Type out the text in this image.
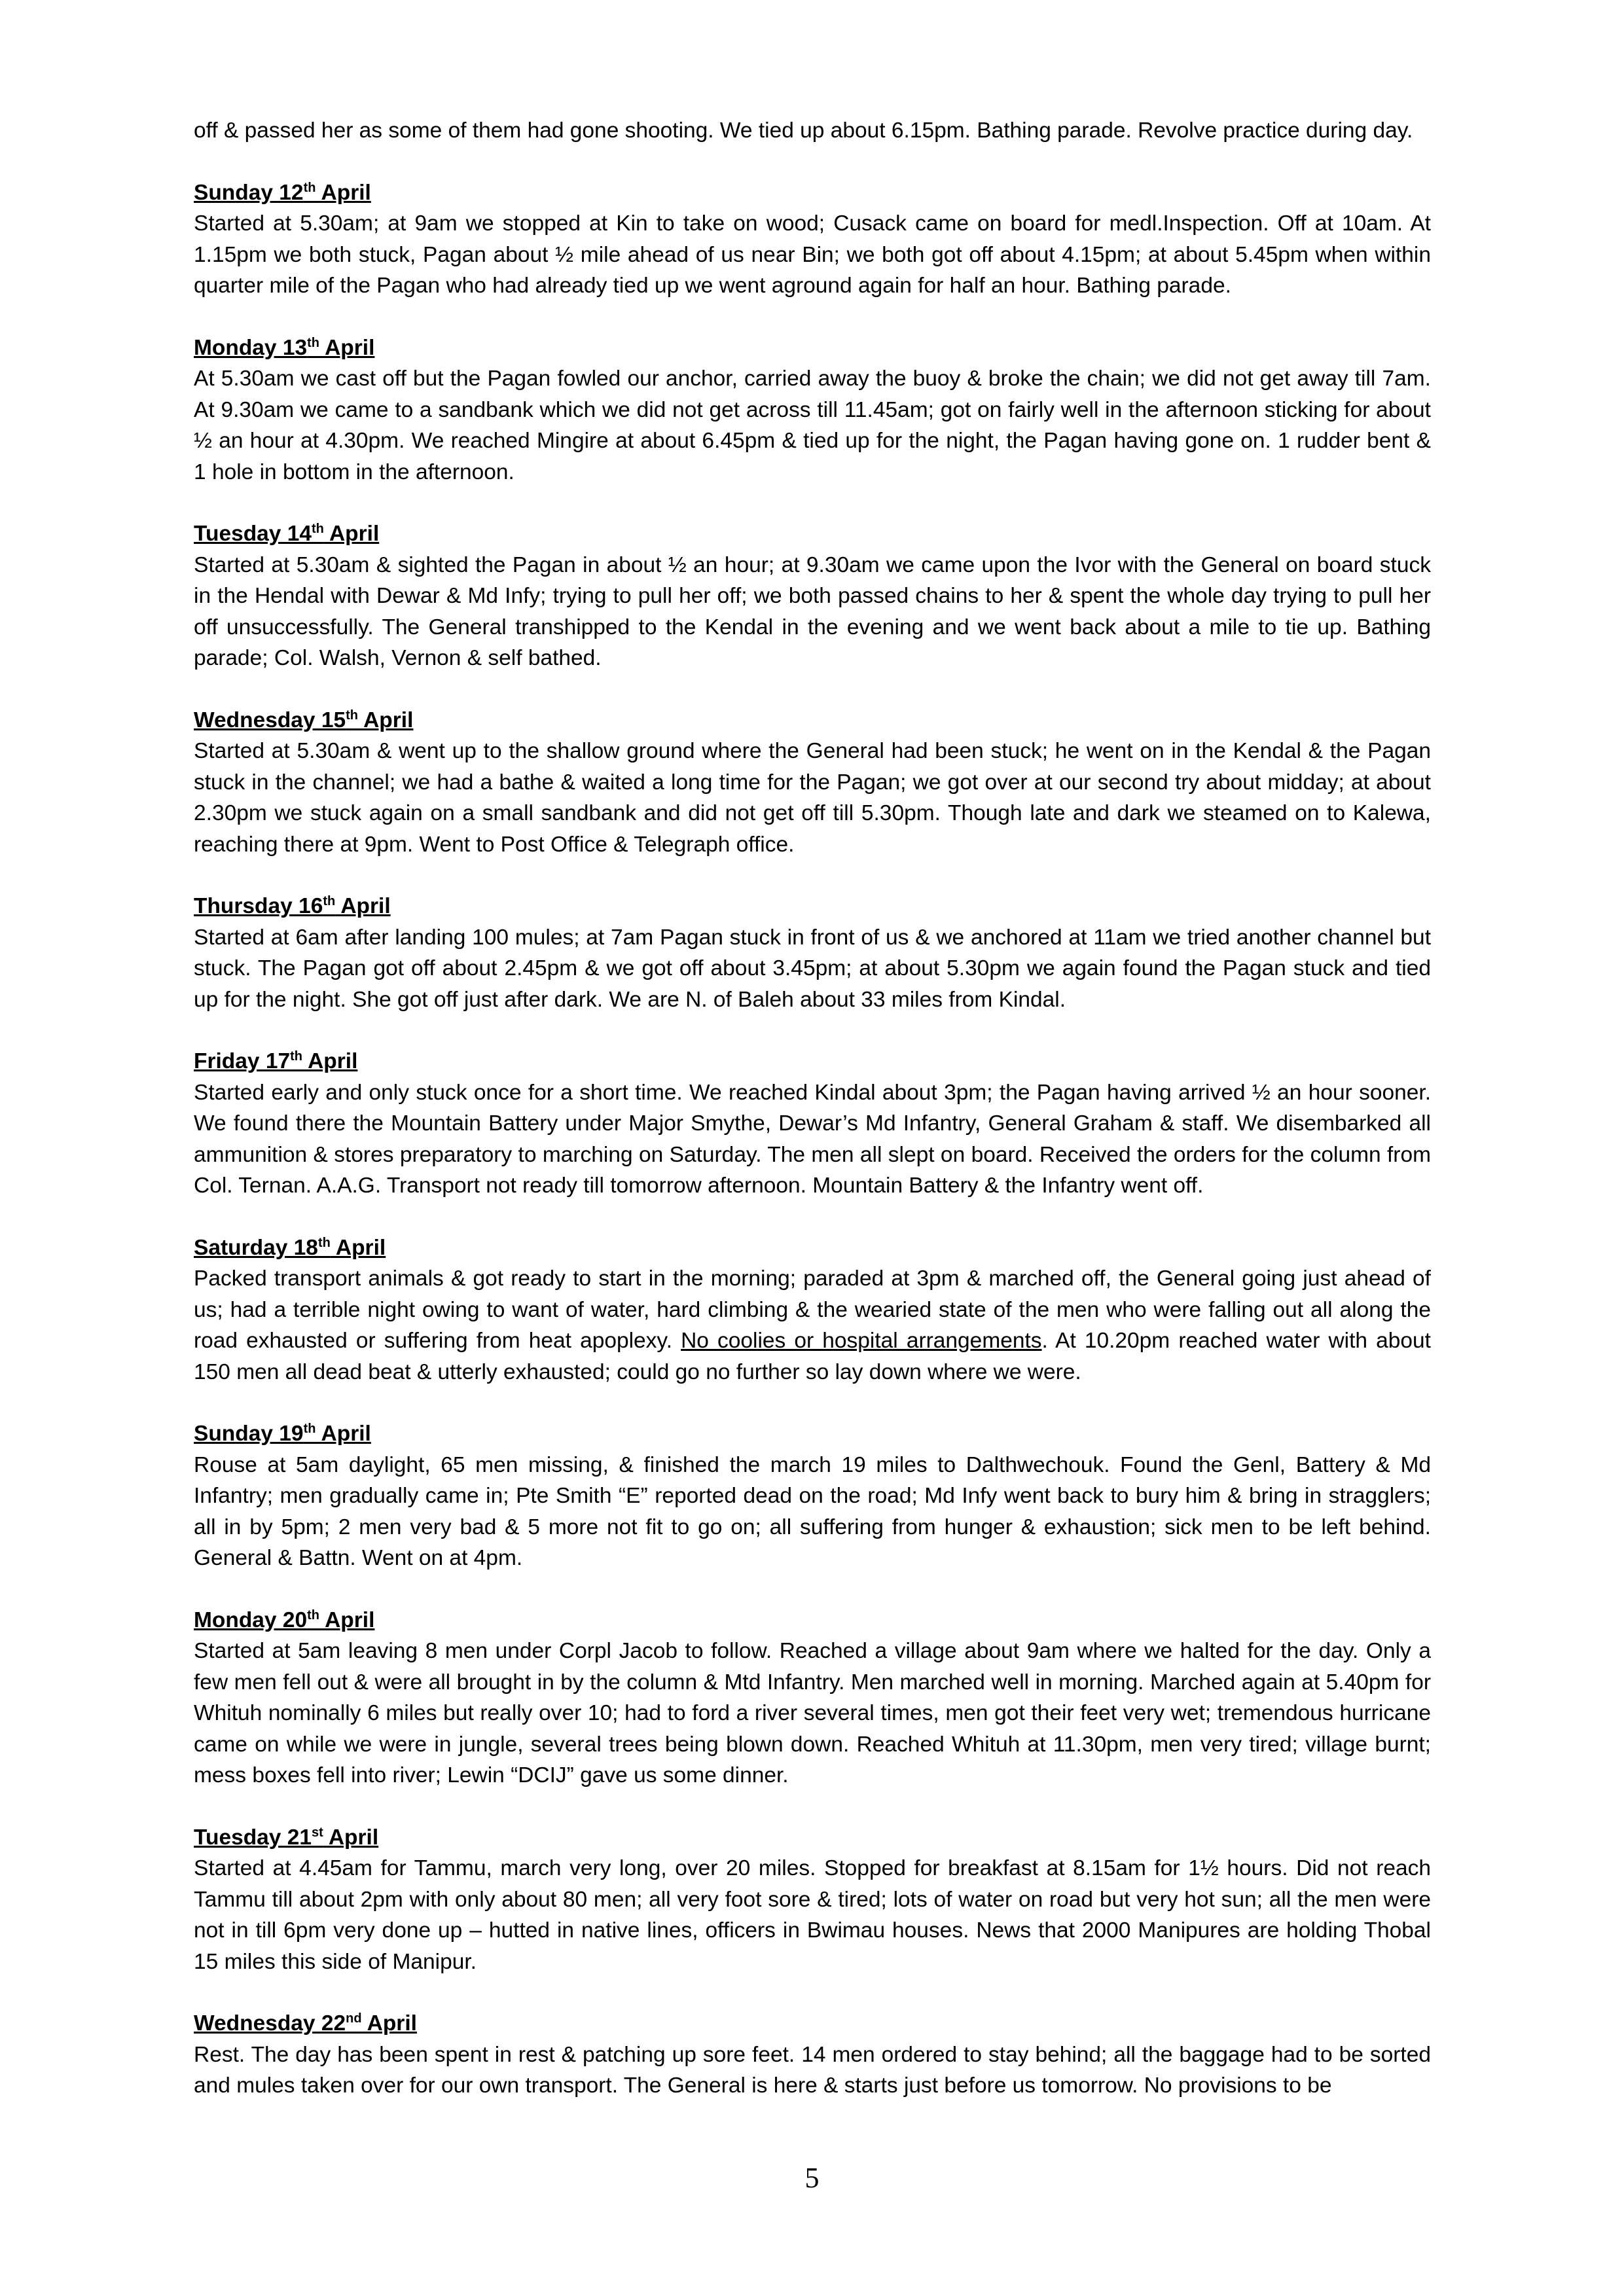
off & passed her as some of them had gone shooting. We tied up about 6.15pm. Bathing parade. Revolve practice during day.

Sunday 12th April

Started at 5.30am; at 9am we stopped at Kin to take on wood; Cusack came on board for medl.Inspection. Off at 10am. At 1.15pm we both stuck, Pagan about ½ mile ahead of us near Bin; we both got off about 4.15pm; at about 5.45pm when within quarter mile of the Pagan who had already tied up we went aground again for half an hour. Bathing parade.

Monday 13th April

At 5.30am we cast off but the Pagan fowled our anchor, carried away the buoy & broke the chain; we did not get away till 7am. At 9.30am we came to a sandbank which we did not get across till 11.45am; got on fairly well in the afternoon sticking for about ½ an hour at 4.30pm. We reached Mingire at about 6.45pm & tied up for the night, the Pagan having gone on. 1 rudder bent & 1 hole in bottom in the afternoon.

Tuesday 14th April

Started at 5.30am & sighted the Pagan in about ½ an hour; at 9.30am we came upon the Ivor with the General on board stuck in the Hendal with Dewar & Md Infy; trying to pull her off; we both passed chains to her & spent the whole day trying to pull her off unsuccessfully. The General transhipped to the Kendal in the evening and we went back about a mile to tie up. Bathing parade; Col. Walsh, Vernon & self bathed.

Wednesday 15th April

Started at 5.30am & went up to the shallow ground where the General had been stuck; he went on in the Kendal & the Pagan stuck in the channel; we had a bathe & waited a long time for the Pagan; we got over at our second try about midday; at about 2.30pm we stuck again on a small sandbank and did not get off till 5.30pm. Though late and dark we steamed on to Kalewa, reaching there at 9pm. Went to Post Office & Telegraph office.

Thursday 16th April

Started at 6am after landing 100 mules; at 7am Pagan stuck in front of us & we anchored at 11am we tried another channel but stuck. The Pagan got off about 2.45pm & we got off about 3.45pm; at about 5.30pm we again found the Pagan stuck and tied up for the night. She got off just after dark. We are N. of Baleh about 33 miles from Kindal.

Friday 17th April

Started early and only stuck once for a short time. We reached Kindal about 3pm; the Pagan having arrived ½ an hour sooner. We found there the Mountain Battery under Major Smythe, Dewar’s Md Infantry, General Graham & staff. We disembarked all ammunition & stores preparatory to marching on Saturday. The men all slept on board. Received the orders for the column from Col. Ternan. A.A.G. Transport not ready till tomorrow afternoon. Mountain Battery & the Infantry went off.

Saturday 18th April

Packed transport animals & got ready to start in the morning; paraded at 3pm & marched off, the General going just ahead of us; had a terrible night owing to want of water, hard climbing & the wearied state of the men who were falling out all along the road exhausted or suffering from heat apoplexy. No coolies or hospital arrangements. At 10.20pm reached water with about 150 men all dead beat & utterly exhausted; could go no further so lay down where we were.

Sunday 19th April

Rouse at 5am daylight, 65 men missing, & finished the march 19 miles to Dalthwechouk. Found the Genl, Battery & Md Infantry; men gradually came in; Pte Smith “E” reported dead on the road; Md Infy went back to bury him & bring in stragglers; all in by 5pm; 2 men very bad & 5 more not fit to go on; all suffering from hunger & exhaustion; sick men to be left behind. General & Battn. Went on at 4pm.

Monday 20th April

Started at 5am leaving 8 men under Corpl Jacob to follow. Reached a village about 9am where we halted for the day. Only a few men fell out & were all brought in by the column & Mtd Infantry. Men marched well in morning. Marched again at 5.40pm for Whituh nominally 6 miles but really over 10; had to ford a river several times, men got their feet very wet; tremendous hurricane came on while we were in jungle, several trees being blown down. Reached Whituh at 11.30pm, men very tired; village burnt; mess boxes fell into river; Lewin “DCIJ” gave us some dinner.

Tuesday 21st April

Started at 4.45am for Tammu, march very long, over 20 miles. Stopped for breakfast at 8.15am for 1½ hours. Did not reach Tammu till about 2pm with only about 80 men; all very foot sore & tired; lots of water on road but very hot sun; all the men were not in till 6pm very done up – hutted in native lines, officers in Bwimau houses. News that 2000 Manipures are holding Thobal 15 miles this side of Manipur.

Wednesday 22nd April

Rest. The day has been spent in rest & patching up sore feet. 14 men ordered to stay behind; all the baggage had to be sorted and mules taken over for our own transport. The General is here & starts just before us tomorrow. No provisions to be

5
